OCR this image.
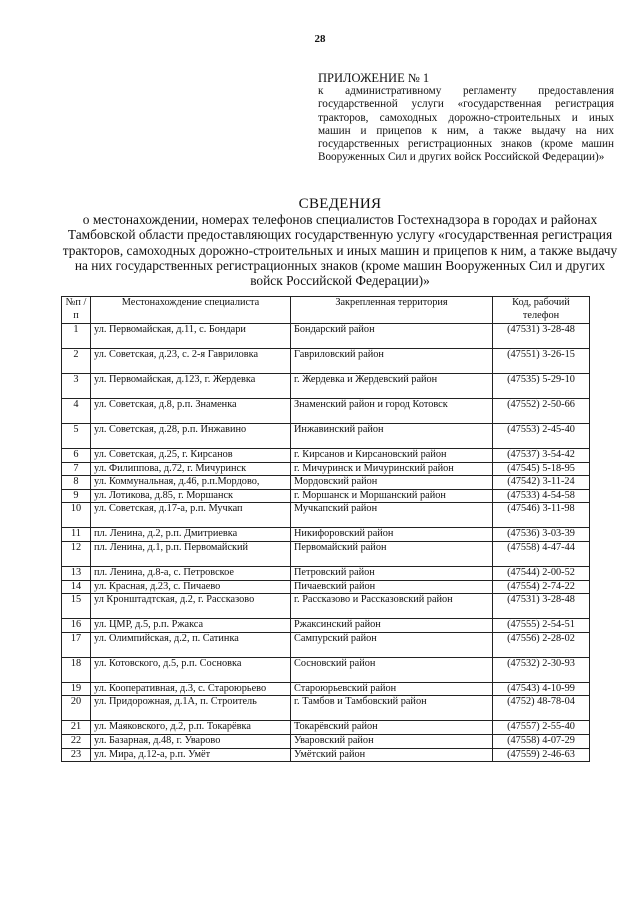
28
ПРИЛОЖЕНИЕ № 1
к административному регламенту предоставления государственной услуги «государственная регистрация тракторов, самоходных дорожно-строительных и иных машин и прицепов к ним, а также выдачу на них государственных регистрационных знаков (кроме машин Вооруженных Сил и других войск Российской Федерации)»
СВЕДЕНИЯ
о местонахождении, номерах телефонов специалистов Гостехнадзора в городах и районах Тамбовской области предоставляющих государственную услугу «государственная регистрация тракторов, самоходных дорожно-строительных и иных машин и прицепов к ним, а также выдачу на них государственных регистрационных знаков (кроме машин Вооруженных Сил и других войск Российской Федерации)»
№п /п	Местонахождение специалиста	Закрепленная территория	Код, рабочий телефон
1	ул. Первомайская, д.11, с. Бондари	Бондарский район	(47531) 3-28-48
2	ул. Советская, д.23, с. 2-я Гавриловка	Гавриловский район	(47551) 3-26-15
3	ул. Первомайская, д.123, г. Жердевка	г. Жердевка и Жердевский район	(47535) 5-29-10
4	ул. Советская, д.8, р.п. Знаменка	Знаменский район и город Котовск	(47552) 2-50-66
5	ул. Советская, д.28, р.п. Инжавино	Инжавинский район	(47553) 2-45-40
6	ул. Советская, д.25, г. Кирсанов	г. Кирсанов и Кирсановский район	(47537) 3-54-42
7	ул. Филиппова, д.72, г. Мичуринск	г. Мичуринск и Мичуринский район	(47545) 5-18-95
8	ул. Коммунальная, д.46, р.п.Мордово,	Мордовский район	(47542) 3-11-24
9	ул. Лотикова, д.85, г. Моршанск	г. Моршанск и Моршанский район	(47533) 4-54-58
10	ул. Советская, д.17-а, р.п. Мучкап	Мучкапский район	(47546) 3-11-98
11	пл. Ленина, д.2, р.п. Дмитриевка	Никифоровский район	(47536) 3-03-39
12	пл. Ленина, д.1, р.п. Первомайский	Первомайский район	(47558) 4-47-44
13	пл. Ленина, д.8-а, с. Петровское	Петровский район	(47544) 2-00-52
14	ул. Красная, д.23, с. Пичаево	Пичаевский район	(47554) 2-74-22
15	ул Кронштадтская, д.2, г. Рассказово	г. Рассказово и Рассказовский район	(47531) 3-28-48
16	ул. ЦМР, д.5, р.п. Ржакса	Ржаксинский район	(47555) 2-54-51
17	ул. Олимпийская, д.2, п. Сатинка	Сампурский район	(47556) 2-28-02
18	ул. Котовского, д.5, р.п. Сосновка	Сосновский район	(47532) 2-30-93
19	ул. Кооперативная, д.3, с. Староюрьево	Староюрьевский район	(47543) 4-10-99
20	ул. Придорожная, д.1А, п. Строитель	г. Тамбов и Тамбовский район	(4752) 48-78-04
21	ул. Маяковского, д.2, р.п. Токарёвка	Токарёвский район	(47557) 2-55-40
22	ул. Базарная, д.48, г. Уварово	Уваровский район	(47558) 4-07-29
23	ул. Мира, д.12-а, р.п. Умёт	Умётский район	(47559) 2-46-63
